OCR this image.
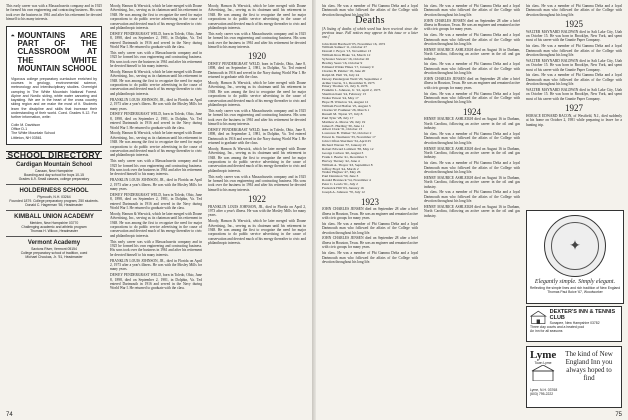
This early career was with a Massachusetts company and in 1925 he formed his own engineering and contracting business. His sons took over the business in 1961 and after his retirement he devoted himself to his many interests.

MOUNTAINS ARE PART OF THE CLASSROOM AT THE WHITE MOUNTAIN SCHOOL
Vigorous college preparatory curriculum enriched by courses in geology, environmental science, meteorology and interdisciplinary studies. Overnight camping in The White Mountain National Forest. Alpine and Nordic skiing, white water canoeing and kayaking. We are in the heart of the cross country skiing region and we make the most of it. Students learn the discipline and skills that increase their understanding of their world. Coed. Grades 9-12. For further information, write:
Colin M. Davidson
Office D-1
The White Mountain School
Littleton, NH 03561
SCHOOL DIRECTORY
Cardigan Mountain School
Canaan, New Hampshire
Boarding and day school for boys 10-15
Grades 6-9. Small classes, college preparatory
HOLDERNESS SCHOOL
Plymouth, N.H. 03264
Founded 1879. College preparatory program, 250 students.
Donald C. Hagerman '55, Headmaster
KIMBALL UNION ACADEMY
Meriden, New Hampshire 03770
Challenging academic and athletic program
Thomas H. Wilcox, Headmaster
Vermont Academy
Saxtons River, Vermont 05154
College preparatory school of tradition, coed
Michael Choukas, Jr. '51, Headmaster

Moody, Hanson & Warwick, which he later merged with Doane Advertising, Inc., serving as its chairman until his retirement in 1948. He was among the first to recognize the need for major corporations to do public service advertising in the cause of conservation and devoted much of his energy thereafter to civic and philanthropic interests.

DEWEY PENDERGRAST WELD, born in Toledo, Ohio, June 8, 1898, died on September 2, 1981, in Dolphin, Va. Ted entered Dartmouth in 1916 and served in the Navy during World War I. He returned to graduate with the class.

This early career was with a Massachusetts company and in 1925 he formed his own engineering and contracting business. His sons took over the business in 1961 and after his retirement he devoted himself to his many interests.

Moody, Hanson & Warwick, which he later merged with Doane Advertising, Inc., serving as its chairman until his retirement in 1948. He was among the first to recognize the need for major corporations to do public service advertising in the cause of conservation and devoted much of his energy thereafter to civic and philanthropic interests.

FRANKLIN LOUIS JOHNSON, JR., died in Florida on April 2, 1973 after a year's illness. He was with the Mosley Mills for many years.

DEWEY PENDERGRAST WELD, born in Toledo, Ohio, June 8, 1898, died on September 2, 1981, in Dolphin, Va. Ted entered Dartmouth in 1916 and served in the Navy during World War I. He returned to graduate with the class.

Moody, Hanson & Warwick, which he later merged with Doane Advertising, Inc., serving as its chairman until his retirement in 1948. He was among the first to recognize the need for major corporations to do public service advertising in the cause of conservation and devoted much of his energy thereafter to civic and philanthropic interests.

This early career was with a Massachusetts company and in 1925 he formed his own engineering and contracting business. His sons took over the business in 1961 and after his retirement he devoted himself to his many interests.

FRANKLIN LOUIS JOHNSON, JR., died in Florida on April 2, 1973 after a year's illness. He was with the Mosley Mills for many years.

DEWEY PENDERGRAST WELD, born in Toledo, Ohio, June 8, 1898, died on September 2, 1981, in Dolphin, Va. Ted entered Dartmouth in 1916 and served in the Navy during World War I. He returned to graduate with the class.

Moody, Hanson & Warwick, which he later merged with Doane Advertising, Inc., serving as its chairman until his retirement in 1948. He was among the first to recognize the need for major corporations to do public service advertising in the cause of conservation and devoted much of his energy thereafter to civic and philanthropic interests.

This early career was with a Massachusetts company and in 1925 he formed his own engineering and contracting business. His sons took over the business in 1961 and after his retirement he devoted himself to his many interests.

FRANKLIN LOUIS JOHNSON, JR., died in Florida on April 2, 1973 after a year's illness. He was with the Mosley Mills for many years.

DEWEY PENDERGRAST WELD, born in Toledo, Ohio, June 8, 1898, died on September 2, 1981, in Dolphin, Va. Ted entered Dartmouth in 1916 and served in the Navy during World War I. He returned to graduate with the class.

Moody, Hanson & Warwick, which he later merged with Doane Advertising, Inc., serving as its chairman until his retirement in 1948. He was among the first to recognize the need for major corporations to do public service advertising in the cause of conservation and devoted much of his energy thereafter to civic and philanthropic interests.

This early career was with a Massachusetts company and in 1925 he formed his own engineering and contracting business. His sons took over the business in 1961 and after his retirement he devoted himself to his many interests.

1920

DEWEY PENDERGRAST WELD, born in Toledo, Ohio, June 8, 1898, died on September 2, 1981, in Dolphin, Va. Ted entered Dartmouth in 1916 and served in the Navy during World War I. He returned to graduate with the class.

Moody, Hanson & Warwick, which he later merged with Doane Advertising, Inc., serving as its chairman until his retirement in 1948. He was among the first to recognize the need for major corporations to do public service advertising in the cause of conservation and devoted much of his energy thereafter to civic and philanthropic interests.

This early career was with a Massachusetts company and in 1925 he formed his own engineering and contracting business. His sons took over the business in 1961 and after his retirement he devoted himself to his many interests.

DEWEY PENDERGRAST WELD, born in Toledo, Ohio, June 8, 1898, died on September 2, 1981, in Dolphin, Va. Ted entered Dartmouth in 1916 and served in the Navy during World War I. He returned to graduate with the class.

Moody, Hanson & Warwick, which he later merged with Doane Advertising, Inc., serving as its chairman until his retirement in 1948. He was among the first to recognize the need for major corporations to do public service advertising in the cause of conservation and devoted much of his energy thereafter to civic and philanthropic interests.

This early career was with a Massachusetts company and in 1925 he formed his own engineering and contracting business. His sons took over the business in 1961 and after his retirement he devoted himself to his many interests.

1922

FRANKLIN LOUIS JOHNSON, JR., died in Florida on April 2, 1973 after a year's illness. He was with the Mosley Mills for many years.

Moody, Hanson & Warwick, which he later merged with Doane Advertising, Inc., serving as its chairman until his retirement in 1948. He was among the first to recognize the need for major corporations to do public service advertising in the cause of conservation and devoted much of his energy thereafter to civic and philanthropic interests.

74

his class. He was a member of Phi Gamma Delta and a loyal Dartmouth man who followed the affairs of the College with devotion throughout his long life.

Deaths
[A listing of deaths of which word has been received since the previous issue. Full notices may appear in this issue or a later one.]
John Pettit Bardwell '05, November 16, 1972
William Samuel '11, October 27
Donald J. Boyce '13, November 13
William Ross Blake '14, March 12
Sylvester Stewart '16, October 26
Bradley Sears '16, October 9
Edmund Wilder Hines '17, January 9
Charles H. Palmer '18, June 20
Ralph M. Hall '19, July 24
Dewey Pendergrast Weld '20, September 2
Arthur Currie, '21, December 8, 1973
Emery Thomas '21, July 8, 1976
Franklin L. Johnson, Jr. '22, April 2, 1973
Sherman Kent '24, February 13
Walter Ernest '24, May 17
Hope H. Winslow '24, August 12
William Fred Halfon '25, August 3
Charles W. Faulkner '26, March 1
Russell M. Tipton '27, July 8
Paul Tyler '28, July 17
Matthew A. Morse '29, July 19
James E. Harding '30, June 11
Albert Clark '31, October 13
Lawrence B. Walker '32, October 2
Ernest K. Neumann '33, November 17
John Clifton Sherman '34, April 25
Richard Warren '37, January 25
Robert Edward Lambert '38, May 12
George Carlson '40, August 3
Frank J. Beebe '41, December 3
Harvey Tierney '42, June 4
William A. Thayer '43, September 8
Jeffrey Boyd '44, March 2
Walter Hughes '47, May 26
Paul Dennison '50, June 3
Ronald Brannock '54, November 4
Peter C. Lewis '61, July 2
Frederick Hill '63, January 16
Joseph A. Johnson '70, July 12
1923

JOHN CHARLES JENSEN died on September 28 after a brief illness in Houston, Texas. He was an engineer and remained active with civic groups for many years.

his class. He was a member of Phi Gamma Delta and a loyal Dartmouth man who followed the affairs of the College with devotion throughout his long life.

JOHN CHARLES JENSEN died on September 28 after a brief illness in Houston, Texas. He was an engineer and remained active with civic groups for many years.

his class. He was a member of Phi Gamma Delta and a loyal Dartmouth man who followed the affairs of the College with devotion throughout his long life.

his class. He was a member of Phi Gamma Delta and a loyal Dartmouth man who followed the affairs of the College with devotion throughout his long life.

JOHN CHARLES JENSEN died on September 28 after a brief illness in Houston, Texas. He was an engineer and remained active with civic groups for many years.

his class. He was a member of Phi Gamma Delta and a loyal Dartmouth man who followed the affairs of the College with devotion throughout his long life.

HENRY MAURICE ASHLEIGH died on August 16 in Durham, North Carolina, following an active career in the oil and gas industry.

his class. He was a member of Phi Gamma Delta and a loyal Dartmouth man who followed the affairs of the College with devotion throughout his long life.

JOHN CHARLES JENSEN died on September 28 after a brief illness in Houston, Texas. He was an engineer and remained active with civic groups for many years.

his class. He was a member of Phi Gamma Delta and a loyal Dartmouth man who followed the affairs of the College with devotion throughout his long life.

1924

HENRY MAURICE ASHLEIGH died on August 16 in Durham, North Carolina, following an active career in the oil and gas industry.

his class. He was a member of Phi Gamma Delta and a loyal Dartmouth man who followed the affairs of the College with devotion throughout his long life.

HENRY MAURICE ASHLEIGH died on August 16 in Durham, North Carolina, following an active career in the oil and gas industry.

his class. He was a member of Phi Gamma Delta and a loyal Dartmouth man who followed the affairs of the College with devotion throughout his long life.

HENRY MAURICE ASHLEIGH died on August 16 in Durham, North Carolina, following an active career in the oil and gas industry.

his class. He was a member of Phi Gamma Delta and a loyal Dartmouth man who followed the affairs of the College with devotion throughout his long life.

HENRY MAURICE ASHLEIGH died on August 16 in Durham, North Carolina, following an active career in the oil and gas industry.

his class. He was a member of Phi Gamma Delta and a loyal Dartmouth man who followed the affairs of the College with devotion throughout his long life.

1925

WALTER MAYNARD BALDWIN died in Salt Lake City, Utah on October 15. He was born in Brooklyn, New York, and spent most of his career with the Granite Paper Company.

his class. He was a member of Phi Gamma Delta and a loyal Dartmouth man who followed the affairs of the College with devotion throughout his long life.

WALTER MAYNARD BALDWIN died in Salt Lake City, Utah on October 15. He was born in Brooklyn, New York, and spent most of his career with the Granite Paper Company.

his class. He was a member of Phi Gamma Delta and a loyal Dartmouth man who followed the affairs of the College with devotion throughout his long life.

WALTER MAYNARD BALDWIN died in Salt Lake City, Utah on October 15. He was born in Brooklyn, New York, and spent most of his career with the Granite Paper Company.

1927

HORACE EDWARD BACON, of Westfield, N.J., died suddenly at his home on October 2, 1981 while preparing to leave for a hunting trip.

✦
Elegantly simple. Simply elegant.
Reflecting the simple lines and rich tradition of New England
Thomas Paul Boice '67, Woodworker
DEXTER'S INN & TENNIS CLUB
Sunapee, New Hampshire 03782
Three clay courts and a heated pool
An inn for all seasons
Lyme
Town Lyme
The kind of New England Inn you always hoped to find
Lyme, N.H. 03768
(603) 795-2222
75
